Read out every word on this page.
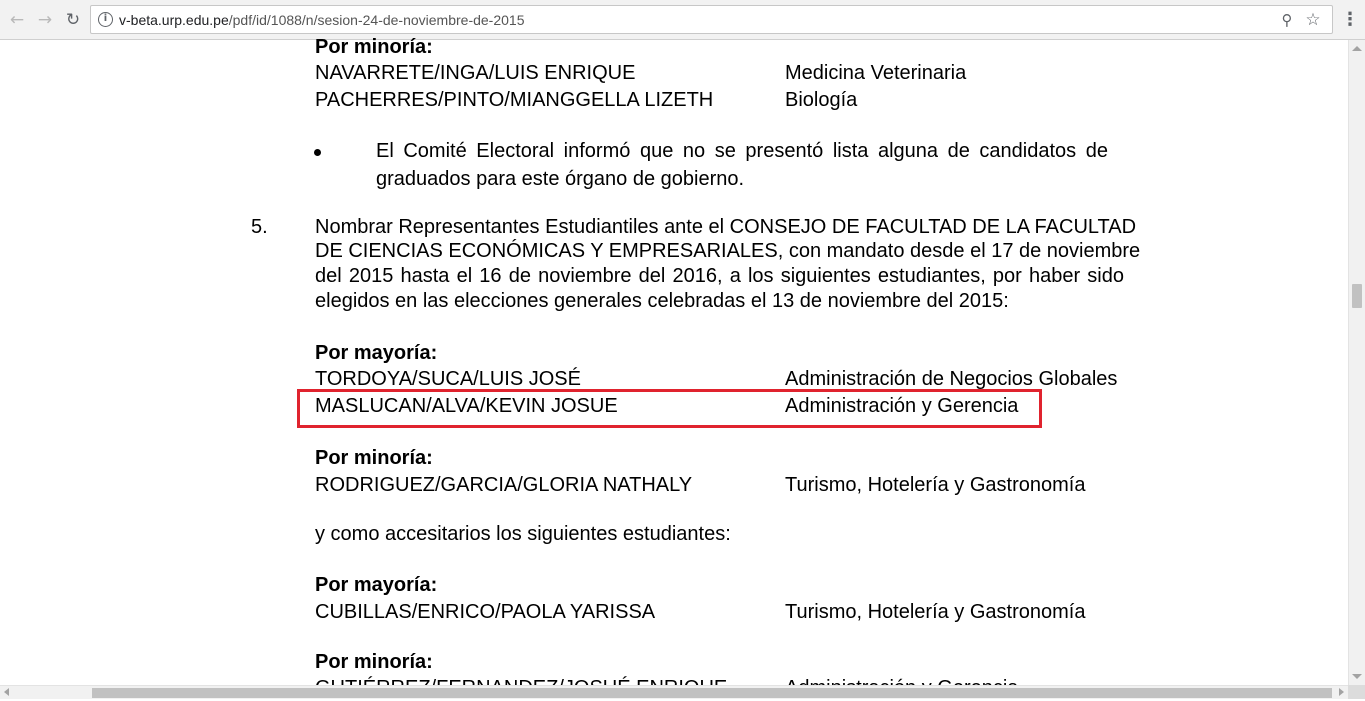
← → ↻	i v-beta.urp.edu.pe/pdf/id/1088/n/sesion-24-de-noviembre-de-2015	⚲ ☆ ⋮
Por minoría:
NAVARRETE/INGA/LUIS ENRIQUE	Medicina Veterinaria
PACHERRES/PINTO/MIANGGELLA LIZETH	Biología
El Comité Electoral informó que no se presentó lista alguna de candidatos de
graduados para este órgano de gobierno.
5. Nombrar Representantes Estudiantiles ante el CONSEJO DE FACULTAD DE LA FACULTAD
DE CIENCIAS ECONÓMICAS Y EMPRESARIALES, con mandato desde el 17 de noviembre
del 2015 hasta el 16 de noviembre del 2016, a los siguientes estudiantes, por haber sido
elegidos en las elecciones generales celebradas el 13 de noviembre del 2015:
Por mayoría:
TORDOYA/SUCA/LUIS JOSÉ	Administración de Negocios Globales
MASLUCAN/ALVA/KEVIN JOSUE	Administración y Gerencia
Por minoría:
RODRIGUEZ/GARCIA/GLORIA NATHALY	Turismo, Hotelería y Gastronomía
y como accesitarios los siguientes estudiantes:
Por mayoría:
CUBILLAS/ENRICO/PAOLA YARISSA	Turismo, Hotelería y Gastronomía
Por minoría:
